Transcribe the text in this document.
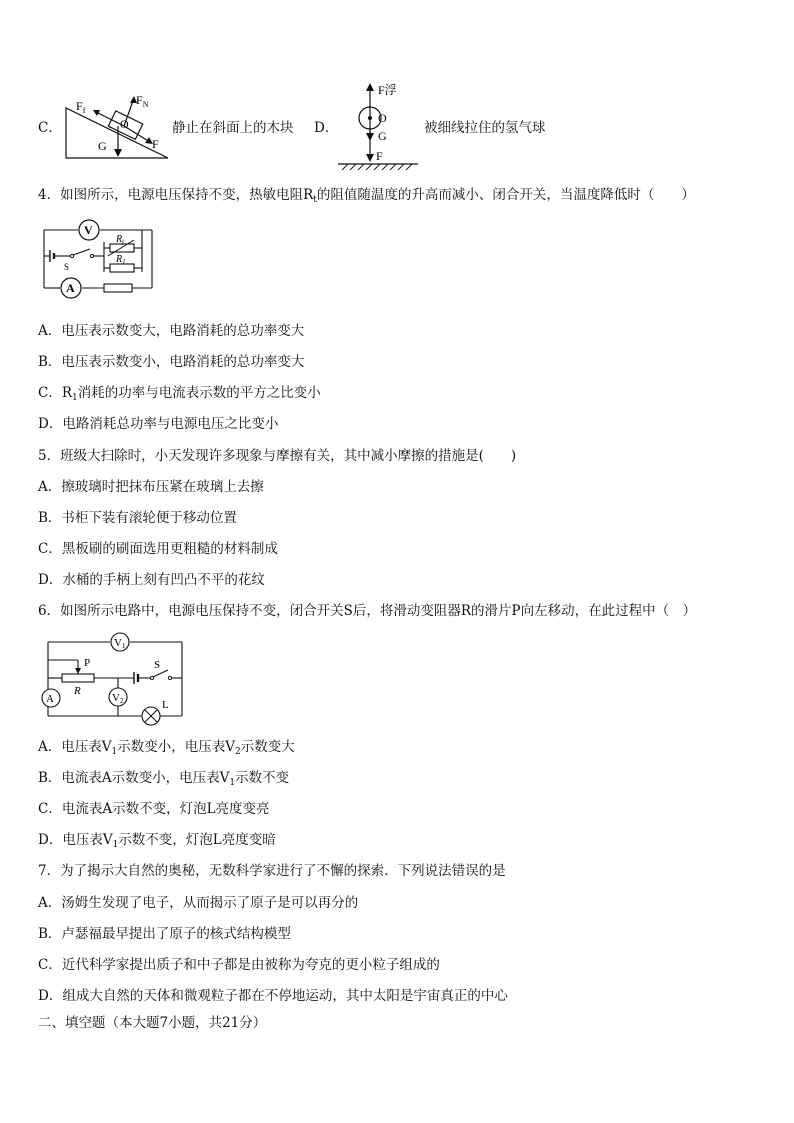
C．
$F_N$
$F_f$
O
G	F
静止在斜面上的木块 D．
F浮
O
G
F
被细线拉住的氢气球
4．如图所示，电源电压保持不变，热敏电阻$R_t$的阻值随温度的升高而减小、闭合开关，当温度降低时（　　）
V
S
$R_t$
$R_1$
A
A．电压表示数变大，电路消耗的总功率变大
B．电压表示数变小，电路消耗的总功率变大
C．$R_1$消耗的功率与电流表示数的平方之比变小
D．电路消耗总功率与电源电压之比变小
5．班级大扫除时，小天发现许多现象与摩擦有关，其中减小摩擦的措施是(　　)
A．擦玻璃时把抹布压紧在玻璃上去擦
B．书柜下装有滚轮便于移动位置
C．黑板刷的刷面选用更粗糙的材料制成
D．水桶的手柄上刻有凹凸不平的花纹
6．如图所示电路中，电源电压保持不变，闭合开关S后，将滑动变阻器R的滑片P向左移动，在此过程中（　）
V1
P
R
S
V2
A	L
A．电压表$V_1$示数变小，电压表$V_2$示数变大
B．电流表A示数变小，电压表$V_1$示数不变
C．电流表A示数不变，灯泡L亮度变亮
D．电压表$V_1$示数不变，灯泡L亮度变暗
7．为了揭示大自然的奥秘，无数科学家进行了不懈的探索．下列说法错误的是
A．汤姆生发现了电子，从而揭示了原子是可以再分的
B．卢瑟福最早提出了原子的核式结构模型
C．近代科学家提出质子和中子都是由被称为夸克的更小粒子组成的
D．组成大自然的天体和微观粒子都在不停地运动，其中太阳是宇宙真正的中心
二、填空题（本大题7小题，共21分）
